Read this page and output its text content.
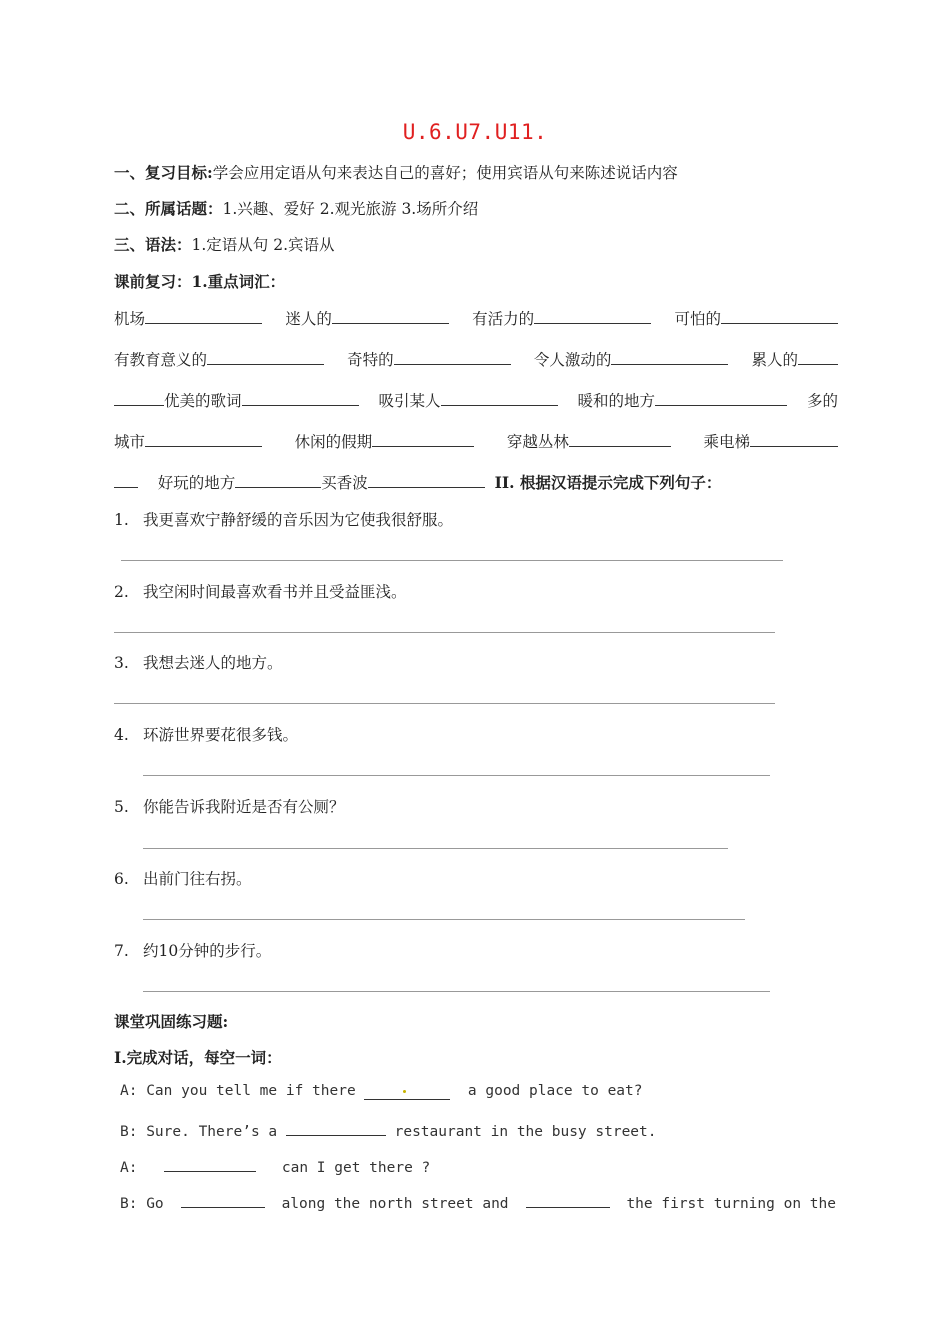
U.6.U7.U11.
一、复习目标:学会应用定语从句来表达自己的喜好；使用宾语从句来陈述说话内容
二、所属话题：1.兴趣、爱好 2.观光旅游 3.场所介绍
三、语法：1.定语从句 2.宾语从
课前复习：1.重点词汇：
机场	迷人的	有活力的	可怕的
有教育意义的	奇特的	令人激动的	累人的
优美的歌词	吸引某人	暖和的地方	多的
城市	休闲的假期	穿越丛林	乘电梯
好玩的地方	买香波	II. 根据汉语提示完成下列句子：
1. 我更喜欢宁静舒缓的音乐因为它使我很舒服。
2. 我空闲时间最喜欢看书并且受益匪浅。
3. 我想去迷人的地方。
4. 环游世界要花很多钱。
5. 你能告诉我附近是否有公厕？
6. 出前门往右拐。
7. 约10分钟的步行。
课堂巩固练习题:
I.完成对话，每空一词：
A: Can you tell me if there	a good place to eat?
B: Sure. There’s a	restaurant in the busy street.
A:	can I get there ?
B: Go	along the north street and	the first turning on the
